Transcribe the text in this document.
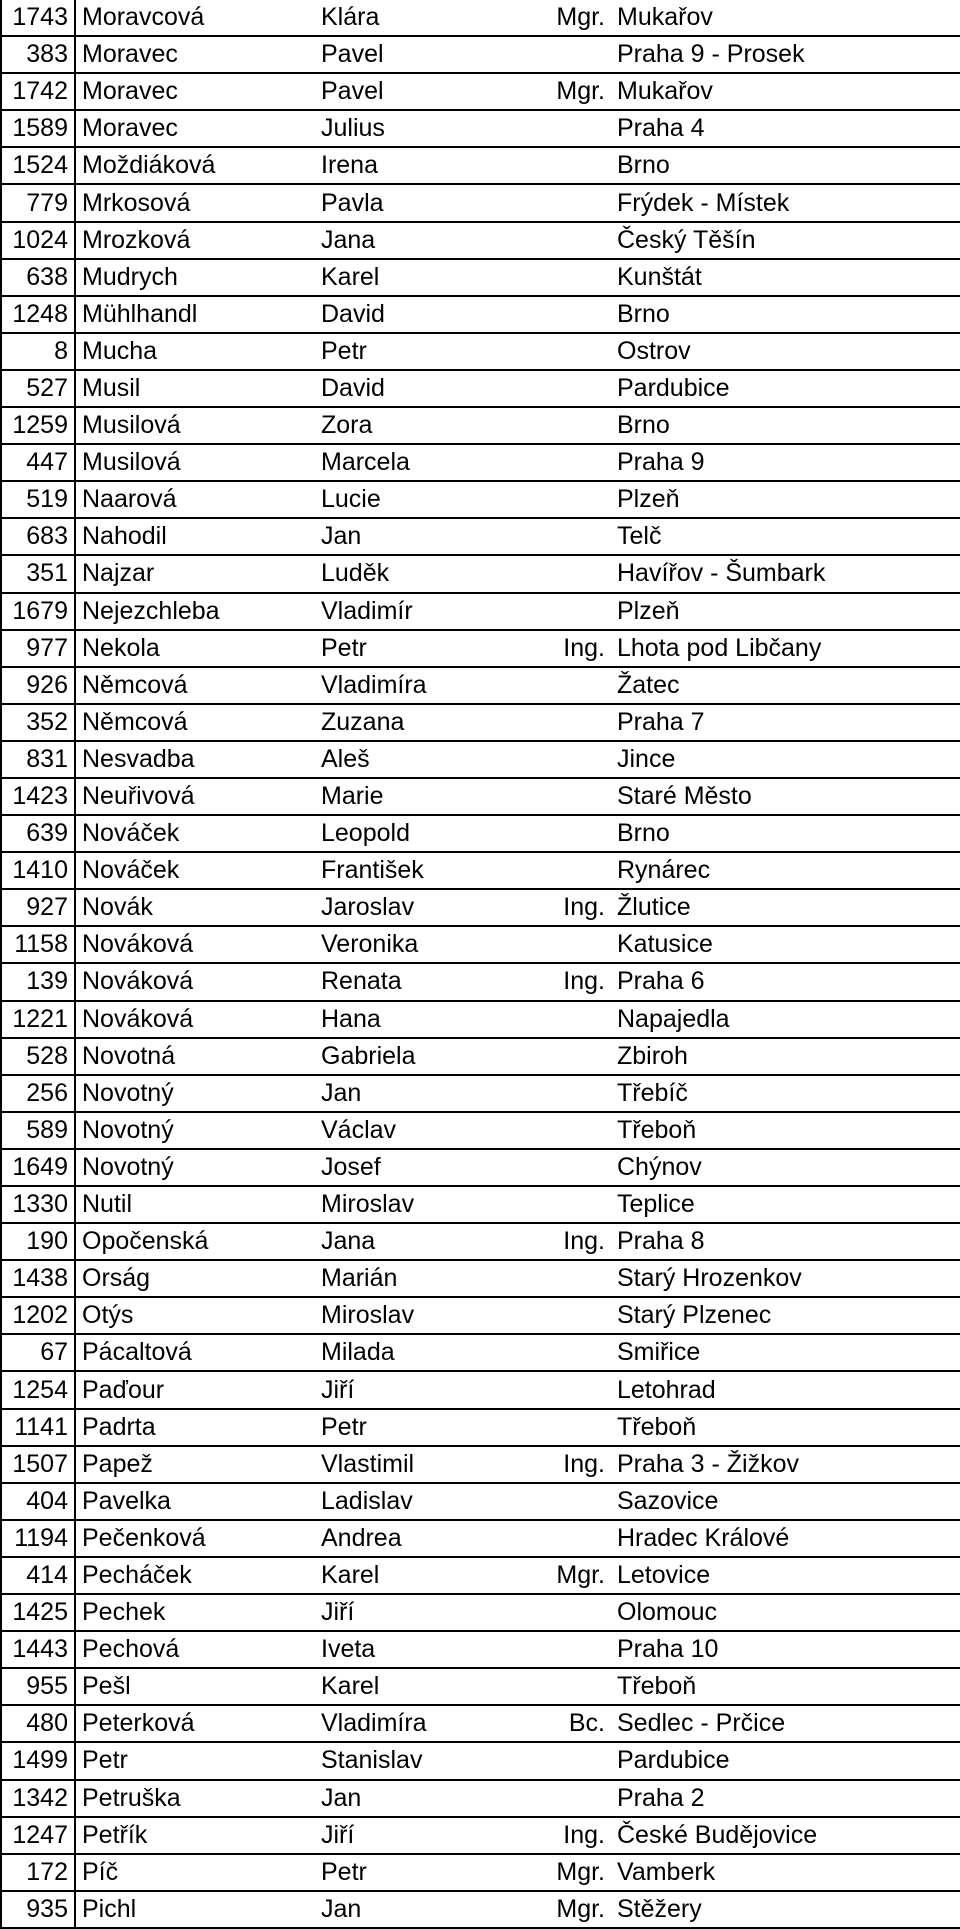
1743	Moravcová	Klára	Mgr.	Mukařov
383	Moravec	Pavel		Praha 9 - Prosek
1742	Moravec	Pavel	Mgr.	Mukařov
1589	Moravec	Julius		Praha 4
1524	Moždiáková	Irena		Brno
779	Mrkosová	Pavla		Frýdek - Místek
1024	Mrozková	Jana		Český Těšín
638	Mudrych	Karel		Kunštát
1248	Mühlhandl	David		Brno
8	Mucha	Petr		Ostrov
527	Musil	David		Pardubice
1259	Musilová	Zora		Brno
447	Musilová	Marcela		Praha 9
519	Naarová	Lucie		Plzeň
683	Nahodil	Jan		Telč
351	Najzar	Luděk		Havířov - Šumbark
1679	Nejezchleba	Vladimír		Plzeň
977	Nekola	Petr	Ing.	Lhota pod Libčany
926	Němcová	Vladimíra		Žatec
352	Němcová	Zuzana		Praha 7
831	Nesvadba	Aleš		Jince
1423	Neuřivová	Marie		Staré Město
639	Nováček	Leopold		Brno
1410	Nováček	František		Rynárec
927	Novák	Jaroslav	Ing.	Žlutice
1158	Nováková	Veronika		Katusice
139	Nováková	Renata	Ing.	Praha 6
1221	Nováková	Hana		Napajedla
528	Novotná	Gabriela		Zbiroh
256	Novotný	Jan		Třebíč
589	Novotný	Václav		Třeboň
1649	Novotný	Josef		Chýnov
1330	Nutil	Miroslav		Teplice
190	Opočenská	Jana	Ing.	Praha 8
1438	Orság	Marián		Starý Hrozenkov
1202	Otýs	Miroslav		Starý Plzenec
67	Pácaltová	Milada		Smiřice
1254	Paďour	Jiří		Letohrad
1141	Padrta	Petr		Třeboň
1507	Papež	Vlastimil	Ing.	Praha 3 - Žižkov
404	Pavelka	Ladislav		Sazovice
1194	Pečenková	Andrea		Hradec Králové
414	Pecháček	Karel	Mgr.	Letovice
1425	Pechek	Jiří		Olomouc
1443	Pechová	Iveta		Praha 10
955	Pešl	Karel		Třeboň
480	Peterková	Vladimíra	Bc.	Sedlec - Prčice
1499	Petr	Stanislav		Pardubice
1342	Petruška	Jan		Praha 2
1247	Petřík	Jiří	Ing.	České Budějovice
172	Píč	Petr	Mgr.	Vamberk
935	Pichl	Jan	Mgr.	Stěžery
